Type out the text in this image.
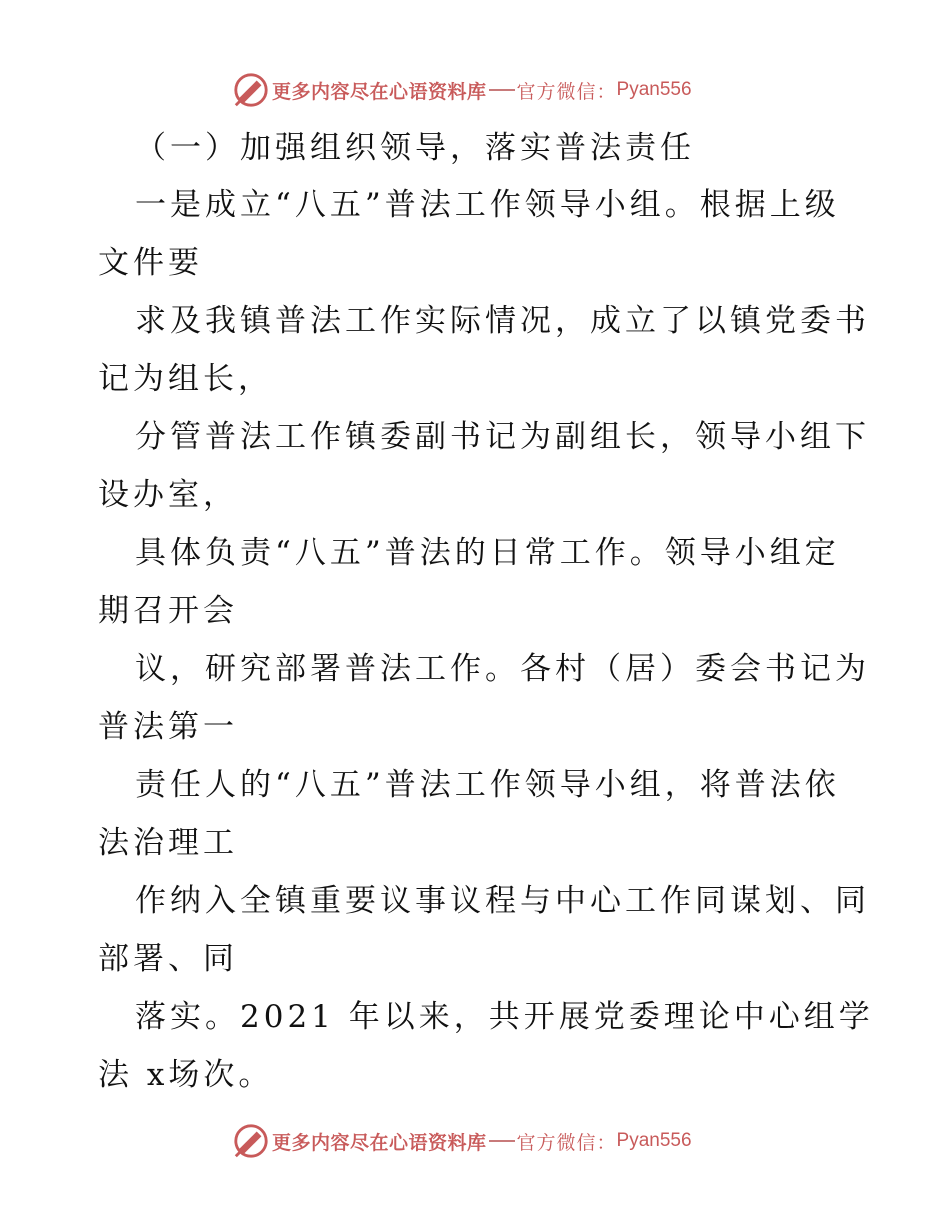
更多内容尽在心语资料库 官方微信： Pyan556
（一）加强组织领导，落实普法责任
一是成立“八五”普法工作领导小组。根据上级
文件要
求及我镇普法工作实际情况，成立了以镇党委书
记为组长，
分管普法工作镇委副书记为副组长，领导小组下
设办室，
具体负责“八五”普法的日常工作。领导小组定
期召开会
议，研究部署普法工作。各村（居）委会书记为
普法第一
责任人的“八五”普法工作领导小组，将普法依
法治理工
作纳入全镇重要议事议程与中心工作同谋划、同
部署、同
落实。2021 年以来，共开展党委理论中心组学
法 x场次。
更多内容尽在心语资料库 官方微信： Pyan556
